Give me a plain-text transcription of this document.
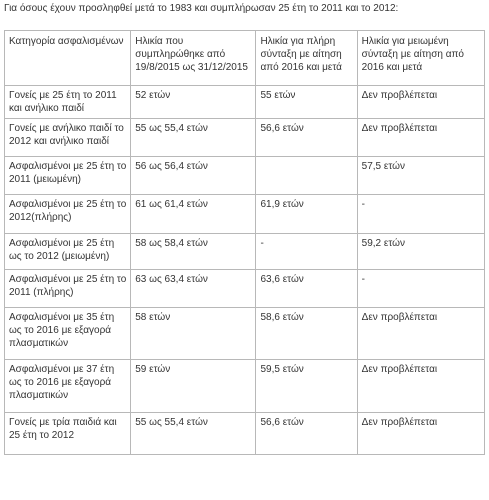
Για όσους έχουν προσληφθεί μετά το 1983 και συμπλήρωσαν 25 έτη το 2011 και το 2012:
Κατηγορία ασφαλισμένων	Ηλικία που συμπληρώθηκε από 19/8/2015 ως 31/12/2015	Ηλικία για πλήρη σύνταξη με αίτηση από 2016 και μετά	Ηλικία για μειωμένη σύνταξη με αίτηση από 2016 και μετά
Γονείς με 25 έτη το 2011 και ανήλικο παιδί	52 ετών	55 ετών	Δεν προβλέπεται
Γονείς με ανήλικο παιδί το 2012 και ανήλικο παιδί	55 ως 55,4 ετών	56,6 ετών	Δεν προβλέπεται
Ασφαλισμένοι με 25 έτη το 2011 (μειωμένη)	56 ως 56,4 ετών		57,5 ετών
Ασφαλισμένοι με 25 έτη το 2012(πλήρης)	61 ως 61,4 ετών	61,9 ετών	-
Ασφαλισμένοι με 25 έτη ως το 2012 (μειωμένη)	58 ως 58,4 ετών	-	59,2 ετών
Ασφαλισμένοι με 25 έτη το 2011 (πλήρης)	63 ως 63,4 ετών	63,6 ετών	-
Ασφαλισμένοι με 35 έτη ως το 2016 με εξαγορά πλασματικών	58 ετών	58,6 ετών	Δεν προβλέπεται
Ασφαλισμένοι με 37 έτη ως το 2016 με εξαγορά πλασματικών	59 ετών	59,5 ετών	Δεν προβλέπεται
Γονείς με τρία παιδιά και 25 έτη το 2012	55 ως 55,4 ετών	56,6 ετών	Δεν προβλέπεται
